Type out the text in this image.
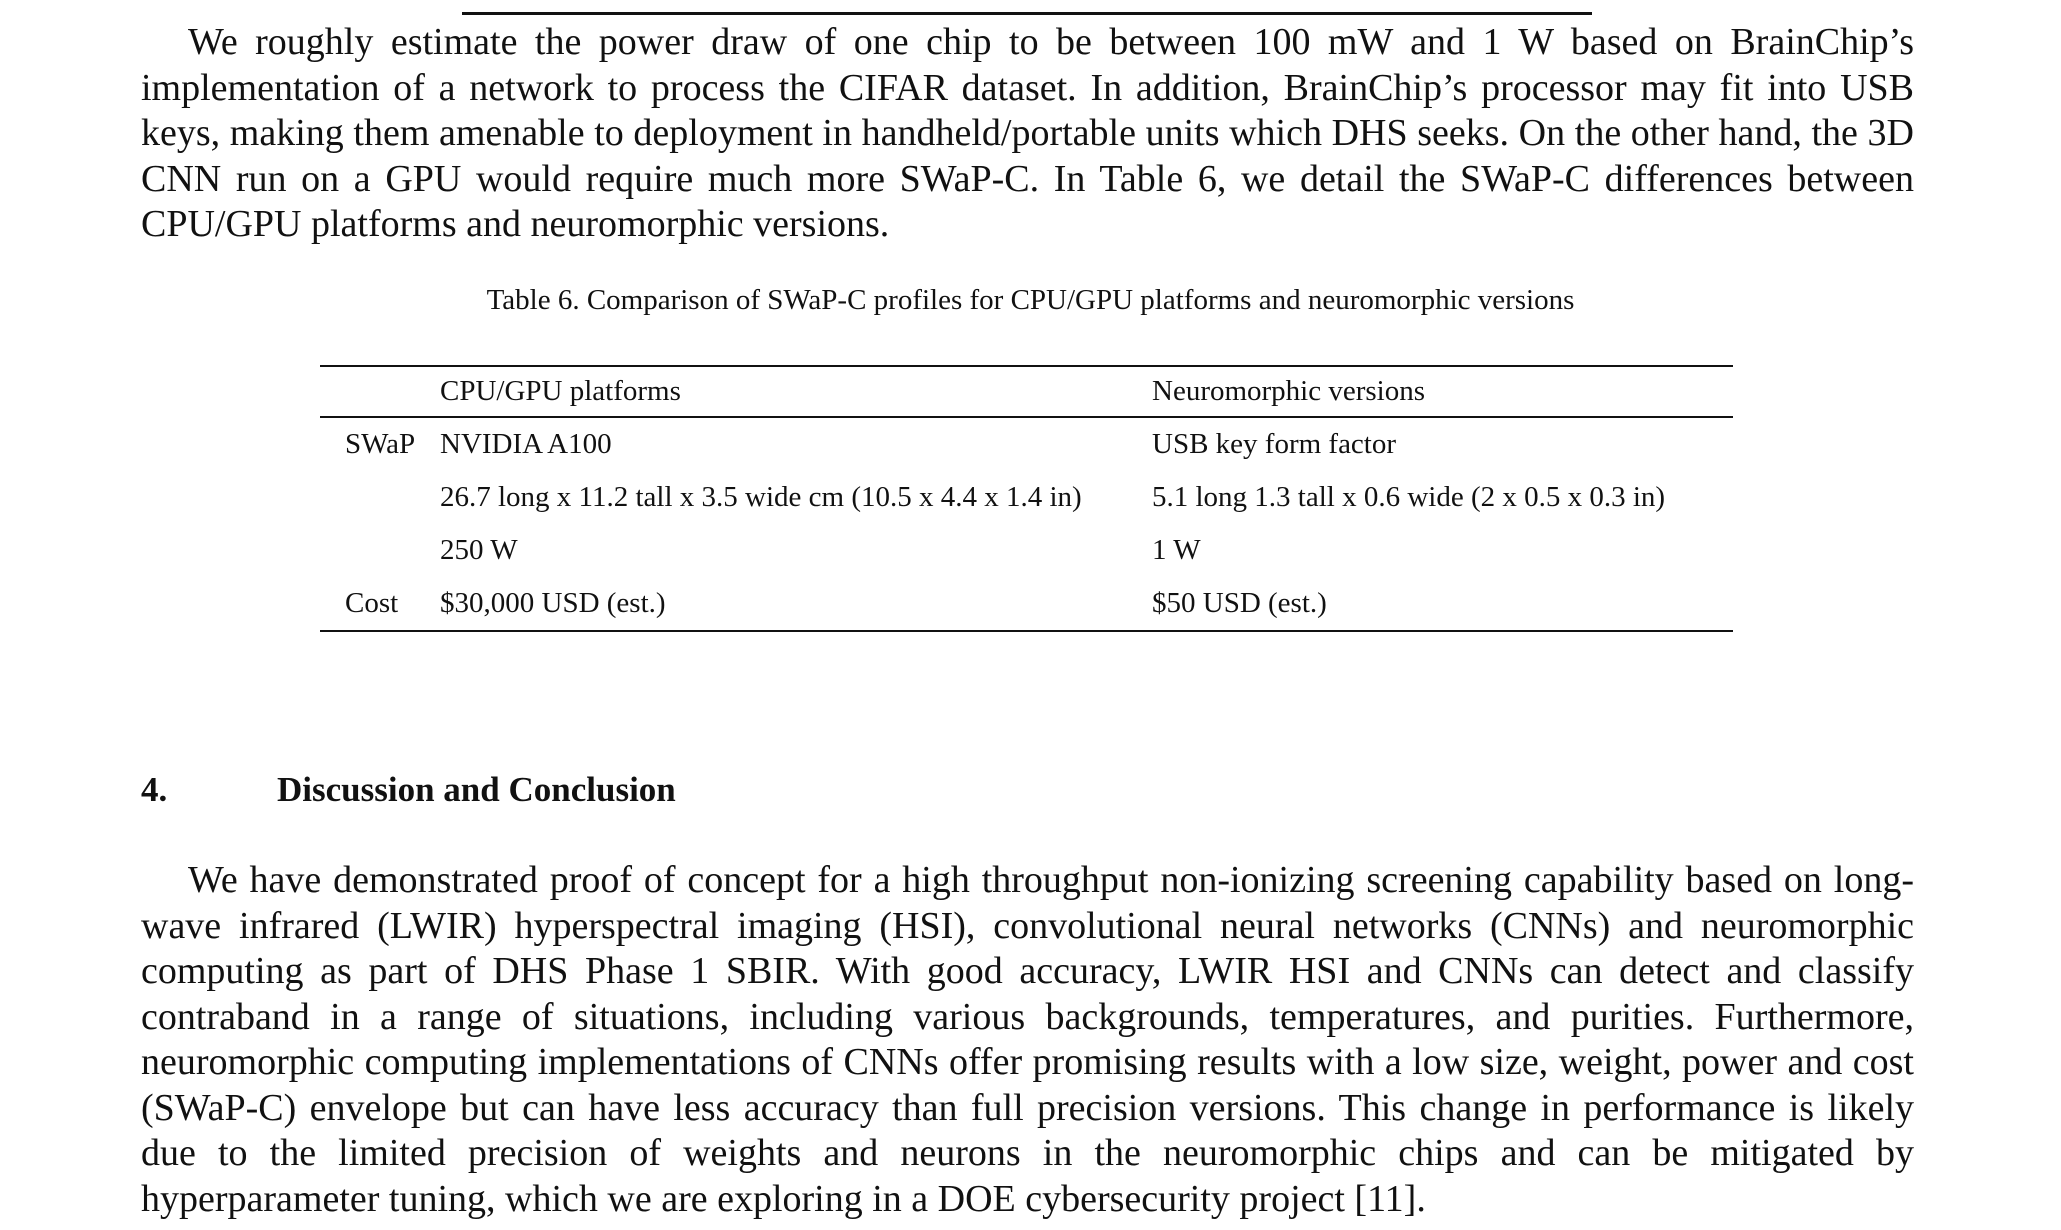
We roughly estimate the power draw of one chip to be between 100 mW and 1 W based on BrainChip’s implementation of a network to process the CIFAR dataset. In addition, BrainChip’s processor may fit into USB keys, making them amenable to deployment in handheld/portable units which DHS seeks. On the other hand, the 3D CNN run on a GPU would require much more SWaP-C. In Table 6, we detail the SWaP-C differences between CPU/GPU platforms and neuromorphic versions.

Table 6. Comparison of SWaP-C profiles for CPU/GPU platforms and neuromorphic versions

	CPU/GPU platforms	Neuromorphic versions
SWaP	NVIDIA A100	USB key form factor
	26.7 long x 11.2 tall x 3.5 wide cm (10.5 x 4.4 x 1.4 in)	5.1 long 1.3 tall x 0.6 wide (2 x 0.5 x 0.3 in)
	250 W	1 W
Cost	$30,000 USD (est.)	$50 USD (est.)
4.	Discussion and Conclusion

We have demonstrated proof of concept for a high throughput non-ionizing screening capability based on long-wave infrared (LWIR) hyperspectral imaging (HSI), convolutional neural networks (CNNs) and neuromorphic computing as part of DHS Phase 1 SBIR. With good accuracy, LWIR HSI and CNNs can detect and classify contraband in a range of situations, including various backgrounds, temperatures, and purities. Furthermore, neuromorphic computing implementations of CNNs offer promising results with a low size, weight, power and cost (SWaP-C) envelope but can have less accuracy than full precision versions. This change in performance is likely due to the limited precision of weights and neurons in the neuromorphic chips and can be mitigated by hyperparameter tuning, which we are exploring in a DOE cybersecurity project [11].
